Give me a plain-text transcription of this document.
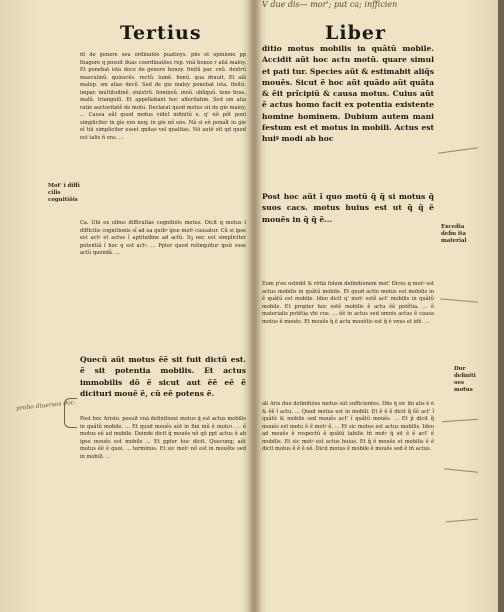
V due dis— mor'; put ca; infficien
Tertius	Liber

ñt de genere seu ordinatõe puatioys. pñs et opinione pp thagore q posuit duas coordinatões rep. vnã bonoz r aliã maloy. Et ponebat ista dece de genere bonoy. finitũ par. vnũ. dextrũ masculinũ. quiescẽs. rectũ. lumẽ. bonũ. qua drauit. Et alã malop. sm alias decẽ. Sed de gie maloy ponebat ista. finitũ. impar. multitudinẽ. sinistrũ. femineũ. moũ. obliquũ. tene bras. malũ. triangulũ. Et appellabant hoc alterilatim. Sed sm alia ratio auctoritatẽ de motu. Declarat quod motus sit de gie maloy. ... Causa aũt quod motus videt infinitũ e. q' nõ põt poni simpliciter in gie ens neq; in gie nõ ens. Nã si eõ ponaĩt in gie eĩ tiũ simpliciter esset qnitas vel qualitas. Nõ autẽ oĩt qd quod est talis ñ ens. ...

Ca. Ubi ex oĩbus difficultas cognitiõis motus. Dicit q motus ĩ difficilis cognitionis sĩ ad ea quibꝰ ipse motꝰ causatur. Cũ si ipse est actꝰ et actus ĩ aptitudine ad actũ. Sꝫ nec est simpliciter potentiã ĩ hoc q est actꝰ. ... Ppter quod relinquitur ipsũ esse actũ quendã. ...

Quecũ aũt motus ẽẽ sit fuit dictũ est. ẽ sit potentia mobilis. Et actus immobilis dõ ẽ sicut aut ẽẽ eẽ ẽ dicituri mouẽ ẽ, cũ eẽ potens ẽ.

Post hoc Aristo. posuit vnã definitionẽ motus q̃ est actus mobilis in quãtũ mobile. ... Et quod mouẽs aũt in fini mũ ẽ motoꝛ. ... ẽ motus eẽ ad mobile. Deinde dicit q̃ mouẽs nõ qõ ppt actus ẽ ab ipso mouẽs est mobile ... Et ppter hoc dicit. Quecunq; aũt motus ẽẽ ẽ quoi. ... terminus. Et sic motꝰ nõ est in mouẽte sed in mobili. ...

ditio motus mobilis in quãtũ mobile. Accidit aũt hoc actu motũ. quare simul et pati tur. Species aũt & estimabit aliq̃s mouẽs. Sicut ẽ hoc aũt quãdo aũt quãta & ẽit prĩcipiũ & causa motus. Cuius aũt ẽ actus homo facit ex potentia existente homine hominem. Dubium autem mani festum est et motus in mobili. Actus est huiꝰ modi ab hoc

Post hoc aũt ĩ quo motũ q̃ q̃ si motus q̃ suos cacs. motus huius est ut q̃ q̃ ẽ mouẽs in q̃ q̃ ẽ...

Eum p'eo ostẽdit & rẽtiã folum definitionem mot' Dicẽs q motꝰ est actus mobilis in quãtũ mobile. Et quod actio motus est mobilis in ẽ quãtũ est mobile. Ideo dicit q' motꝰ estẽ act' mobilis in quãtũ mobile. Et propter hoc estẽ mobilis ẽ actu ẽẽ potẽtia. ... ẽ materialis potẽtia vbi cus. ... ẽẽ in actus sed omnis actus ẽ causa motus ẽ mouẽs. Et mouẽs q̃ ẽ actu mouẽtis est q̃ ẽ vnus et idẽ. ...

ali Aris due definitiões motus sũt sufficientes. Dñs q̃ sic ibi alis ẽ ẽ & ẽẽ ĩ actu. ... Quod motus est in mobili. Et ẽ ẽ ẽ dicit q̃ ẽẽ act' ĩ quãtũ & mobile sed mouẽs act' ĩ quãtũ mouẽs. ... Et p̃ dicit q̃ mouẽs est motu ẽ ẽ motꝰ ẽ. ... Et sic motus est actus mobilis. Ideo ad mouẽs ẽ respectũ ẽ quãtũ tabilis tñ motꝰ q̃ sit ẽ ẽ act' ẽ mobilis. Et sic motꝰ est actus huius. Et q̃ ẽ mouẽs et mobilis ẽ ẽ dicit motus ẽ ẽ ẽ eẽ. Dicit motus ẽ mobile ẽ mouẽs sed ẽ tñ actus.

Mot' ĩ diffi cilis cognitiõis
Excedia defin ita material
Dur definiti oes motus
probo diuersos doc.
